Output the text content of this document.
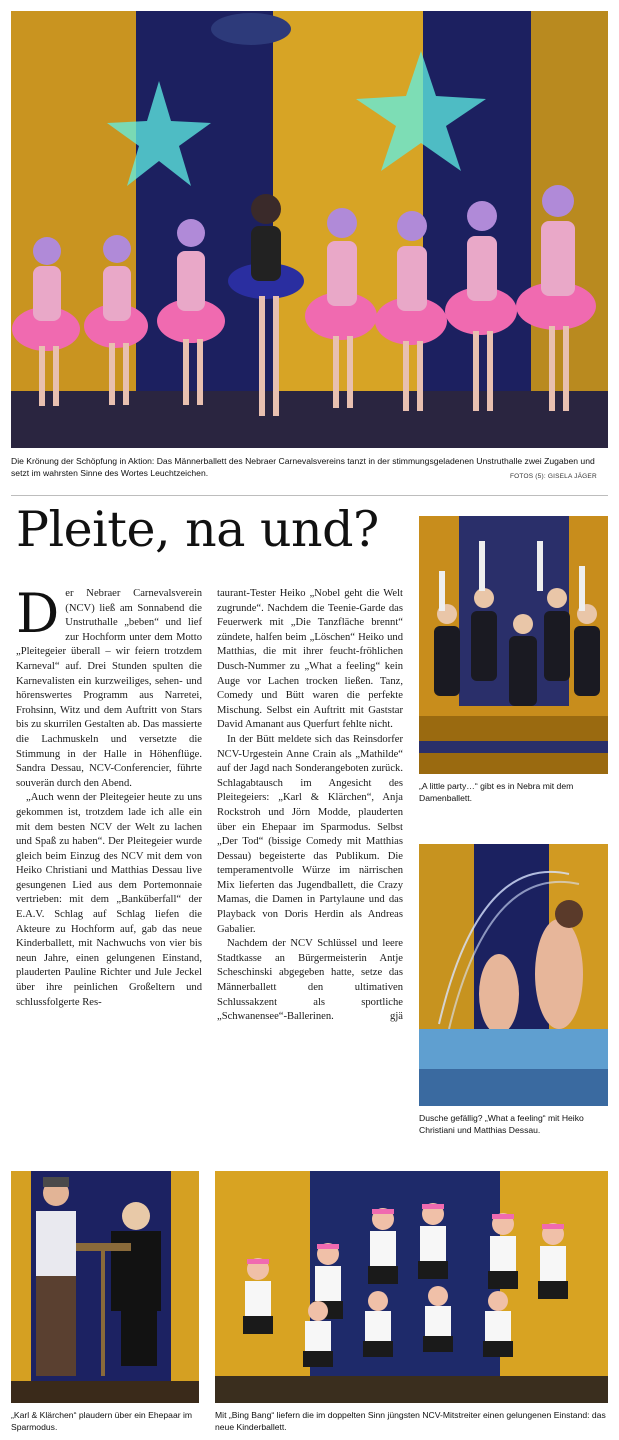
Die Krönung der Schöpfung in Aktion: Das Männerballett des Nebraer Carnevalsvereins tanzt in der stimmungsgeladenen Unstruthalle zwei Zugaben und setzt im wahrsten Sinne des Wortes Leuchtzeichen.	FOTOS (5): GISELA JÄGER
Pleite, na und?
D er Nebraer Carnevalsverein (NCV) ließ am Sonnabend die Unstruthalle „beben“ und lief zur Hochform unter dem Motto „Pleitegeier überall – wir feiern trotzdem Karneval“ auf. Drei Stunden spulten die Karnevalisten ein kurzweiliges, sehen- und hörenswertes Programm aus Narretei, Frohsinn, Witz und dem Auftritt von Stars bis zu skurrilen Gestalten ab. Das massierte die Lachmuskeln und versetzte die Stimmung in der Halle in Höhenflüge. Sandra Dessau, NCV-Conferencier, führte souverän durch den Abend.

„Auch wenn der Pleitegeier heute zu uns gekommen ist, trotzdem lade ich alle ein mit dem besten NCV der Welt zu lachen und Spaß zu haben“. Der Pleitegeier wurde gleich beim Einzug des NCV mit dem von Heiko Christiani und Matthias Dessau live gesungenen Lied aus dem Portemonnaie vertrieben: mit dem „Banküberfall“ der E.A.V. Schlag auf Schlag liefen die Akteure zu Hochform auf, gab das neue Kinderballett, mit Nachwuchs von vier bis neun Jahre, einen gelungenen Einstand, plauderten Pauline Richter und Jule Jeckel über ihre peinlichen Großeltern und schlussfolgerte Res-

taurant-Tester Heiko „Nobel geht die Welt zugrunde“. Nachdem die Teenie-Garde das Feuerwerk mit „Die Tanzfläche brennt“ zündete, halfen beim „Löschen“ Heiko und Matthias, die mit ihrer feucht-fröhlichen Dusch-Nummer zu „What a feeling“ kein Auge vor Lachen trocken ließen. Tanz, Comedy und Bütt waren die perfekte Mischung. Selbst ein Auftritt mit Gaststar David Amanant aus Querfurt fehlte nicht.

In der Bütt meldete sich das Reinsdorfer NCV-Urgestein Anne Crain als „Mathilde“ auf der Jagd nach Sonderangeboten zurück. Schlagabtausch im Angesicht des Pleitegeiers: „Karl & Klärchen“, Anja Rockstroh und Jörn Modde, plauderten über ein Ehepaar im Sparmodus. Selbst „Der Tod“ (bissige Comedy mit Matthias Dessau) begeisterte das Publikum. Die temperamentvolle Würze im närrischen Mix lieferten das Jugendballett, die Crazy Mamas, die Damen in Partylaune und das Playback von Doris Herdin als Andreas Gabalier.

Nachdem der NCV Schlüssel und leere Stadtkasse an Bürgermeisterin Antje Scheschinski abgegeben hatte, setze das Männerballett den ultimativen Schlussakzent als sportliche „Schwanensee“-Ballerinen.	gjä

„A little party…“ gibt es in Nebra mit dem Damenballett.

Dusche gefällig? „What a feeling“ mit Heiko Christiani und Matthias Dessau.

„Karl & Klärchen“ plaudern über ein Ehepaar im Sparmodus.

Mit „Bing Bang“ liefern die im doppelten Sinn jüngsten NCV-Mitstreiter einen gelungenen Einstand: das neue Kinderballett.
